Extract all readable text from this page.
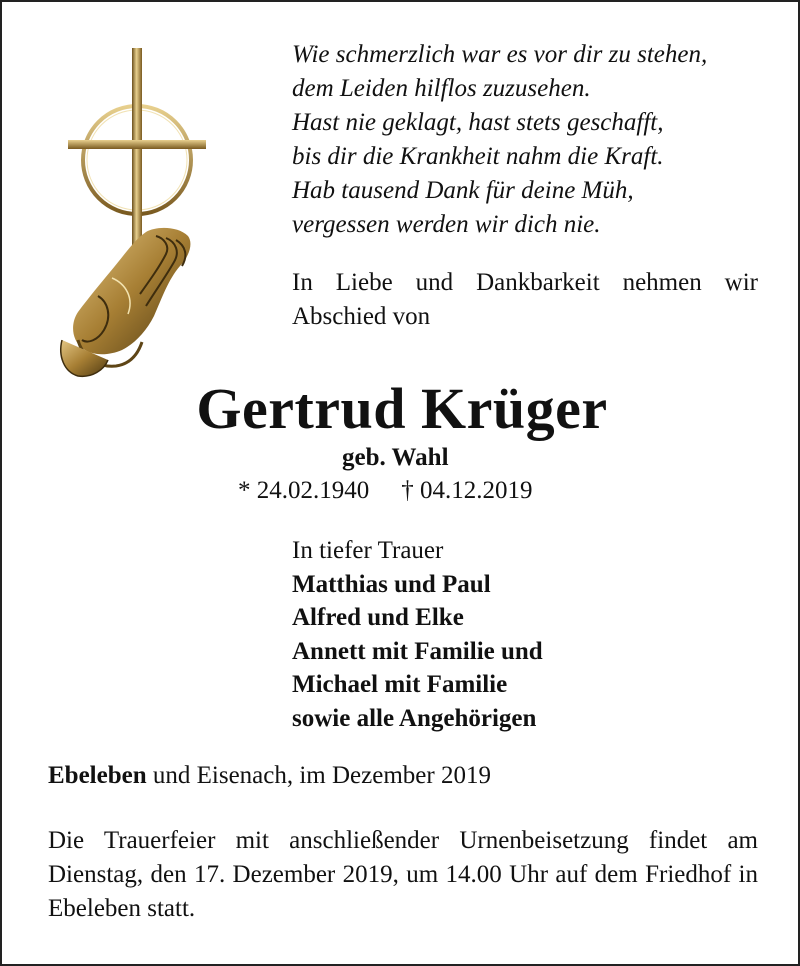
Wie schmerzlich war es vor dir zu stehen,
dem Leiden hilflos zuzusehen.
Hast nie geklagt, hast stets geschafft,
bis dir die Krankheit nahm die Kraft.
Hab tausend Dank für deine Müh,
vergessen werden wir dich nie.
In Liebe und Dankbarkeit nehmen wir Abschied von
Gertrud Krüger
geb. Wahl
* 24.02.1940 † 04.12.2019
In tiefer Trauer
Matthias und Paul
Alfred und Elke
Annett mit Familie und
Michael mit Familie
sowie alle Angehörigen
Ebeleben und Eisenach, im Dezember 2019
Die Trauerfeier mit anschließender Urnenbeisetzung findet am Dienstag, den 17. Dezember 2019, um 14.00 Uhr auf dem Friedhof in Ebeleben statt.
